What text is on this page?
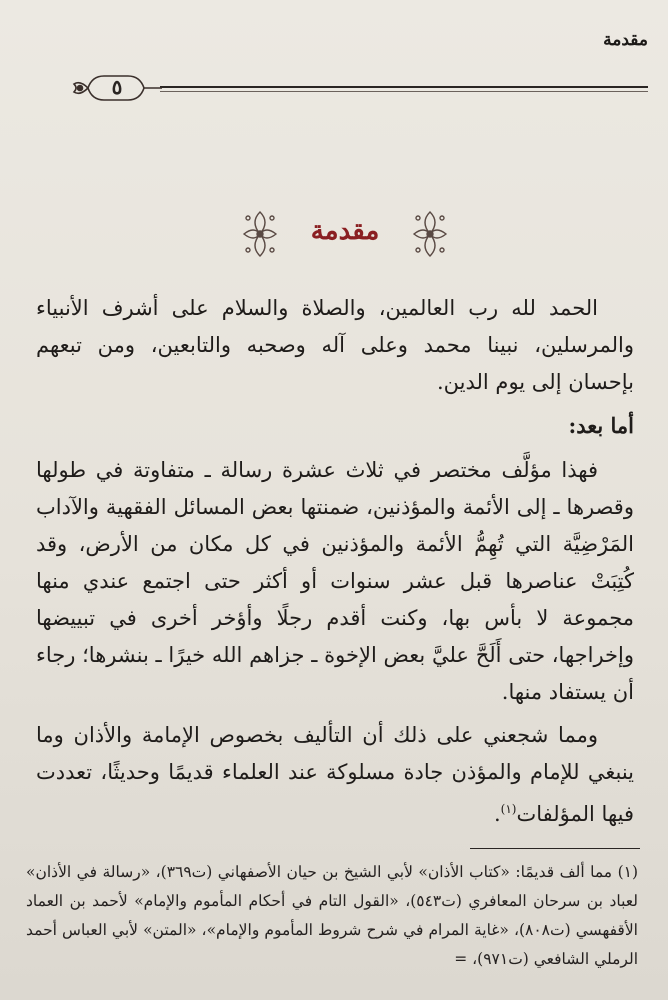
مقدمة
٥
مقدمة

الحمد لله رب العالمين، والصلاة والسلام على أشرف الأنبياء والمرسلين، نبينا محمد وعلى آله وصحبه والتابعين، ومن تبعهم بإحسان إلى يوم الدين.

أما بعد:

فهذا مؤلَّف مختصر في ثلاث عشرة رسالة ـ متفاوتة في طولها وقصرها ـ إلى الأئمة والمؤذنين، ضمنتها بعض المسائل الفقهية والآداب المَرْضِيَّة التي تُهِمُّ الأئمة والمؤذنين في كل مكان من الأرض، وقد كُتِبَتْ عناصرها قبل عشر سنوات أو أكثر حتى اجتمع عندي منها مجموعة لا بأس بها، وكنت أقدم رجلًا وأؤخر أخرى في تبييضها وإخراجها، حتى أَلَحَّ عليَّ بعض الإخوة ـ جزاهم الله خيرًا ـ بنشرها؛ رجاء أن يستفاد منها.

ومما شجعني على ذلك أن التأليف بخصوص الإمامة والأذان وما ينبغي للإمام والمؤذن جادة مسلوكة عند العلماء قديمًا وحديثًا، تعددت فيها المؤلفات$^{(١)}$.

(١) مما ألف قديمًا: «كتاب الأذان» لأبي الشيخ بن حيان الأصفهاني (ت٣٦٩)، «رسالة في الأذان» لعباد بن سرحان المعافري (ت٥٤٣)، «القول التام في أحكام المأموم والإمام» لأحمد بن العماد الأقفهسي (ت٨٠٨)، «غاية المرام في شرح شروط المأموم والإمام»، «المتن» لأبي العباس أحمد الرملي الشافعي (ت٩٧١)، =
